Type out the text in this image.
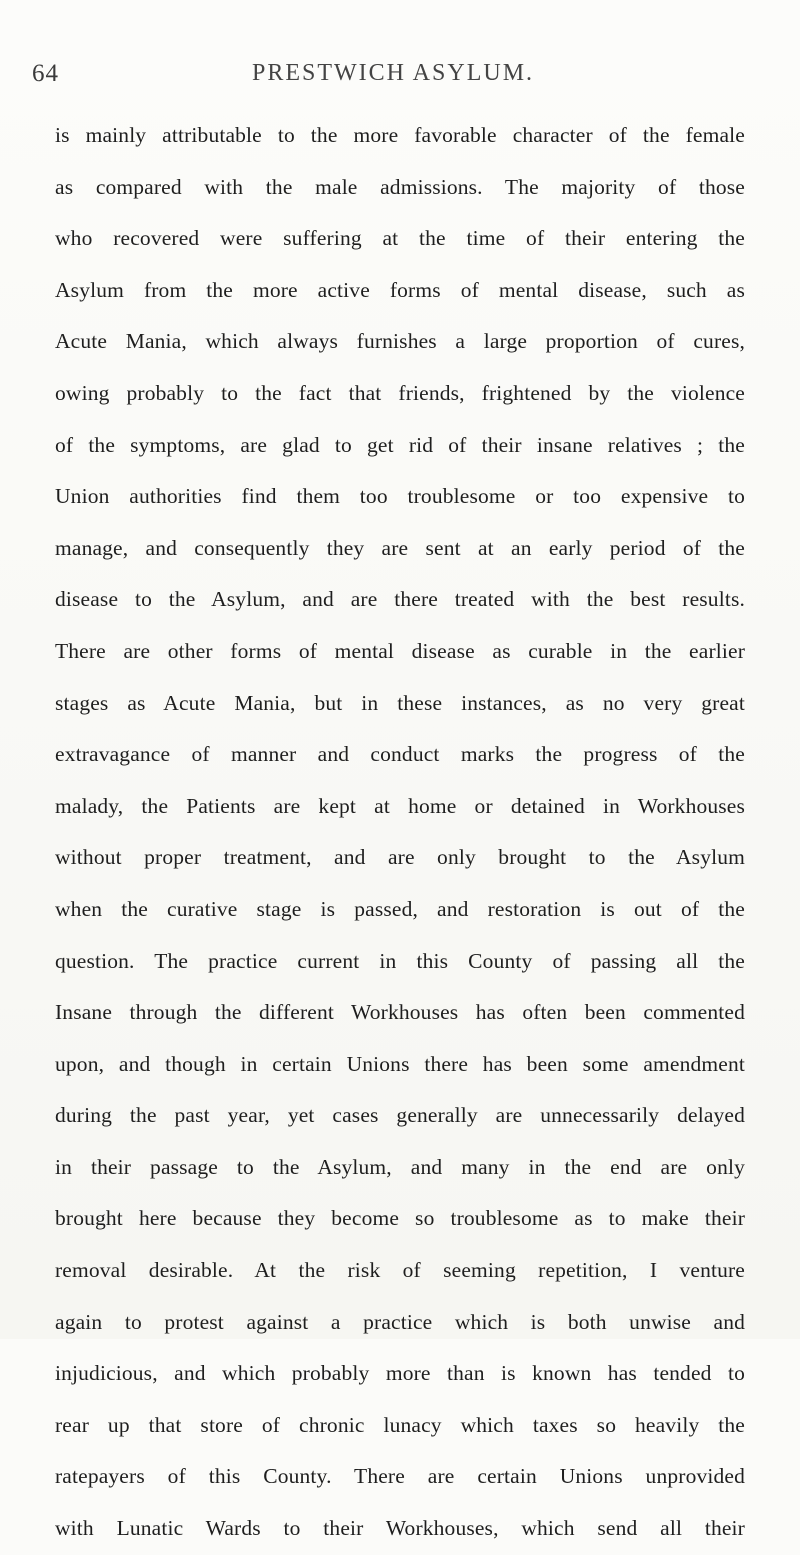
64	PRESTWICH ASYLUM.
is mainly attributable to the more favorable character of the female
as compared with the male admissions. The majority of those
who recovered were suffering at the time of their entering the
Asylum from the more active forms of mental disease, such as
Acute Mania, which always furnishes a large proportion of cures,
owing probably to the fact that friends, frightened by the violence
of the symptoms, are glad to get rid of their insane relatives ; the
Union authorities find them too troublesome or too expensive to
manage, and consequently they are sent at an early period of the
disease to the Asylum, and are there treated with the best results.
There are other forms of mental disease as curable in the earlier
stages as Acute Mania, but in these instances, as no very great
extravagance of manner and conduct marks the progress of the
malady, the Patients are kept at home or detained in Workhouses
without proper treatment, and are only brought to the Asylum
when the curative stage is passed, and restoration is out of the
question. The practice current in this County of passing all the
Insane through the different Workhouses has often been commented
upon, and though in certain Unions there has been some amendment
during the past year, yet cases generally are unnecessarily delayed
in their passage to the Asylum, and many in the end are only
brought here because they become so troublesome as to make their
removal desirable. At the risk of seeming repetition, I venture
again to protest against a practice which is both unwise and
injudicious, and which probably more than is known has tended to
rear up that store of chronic lunacy which taxes so heavily the
ratepayers of this County. There are certain Unions unprovided
with Lunatic Wards to their Workhouses, which send all their
